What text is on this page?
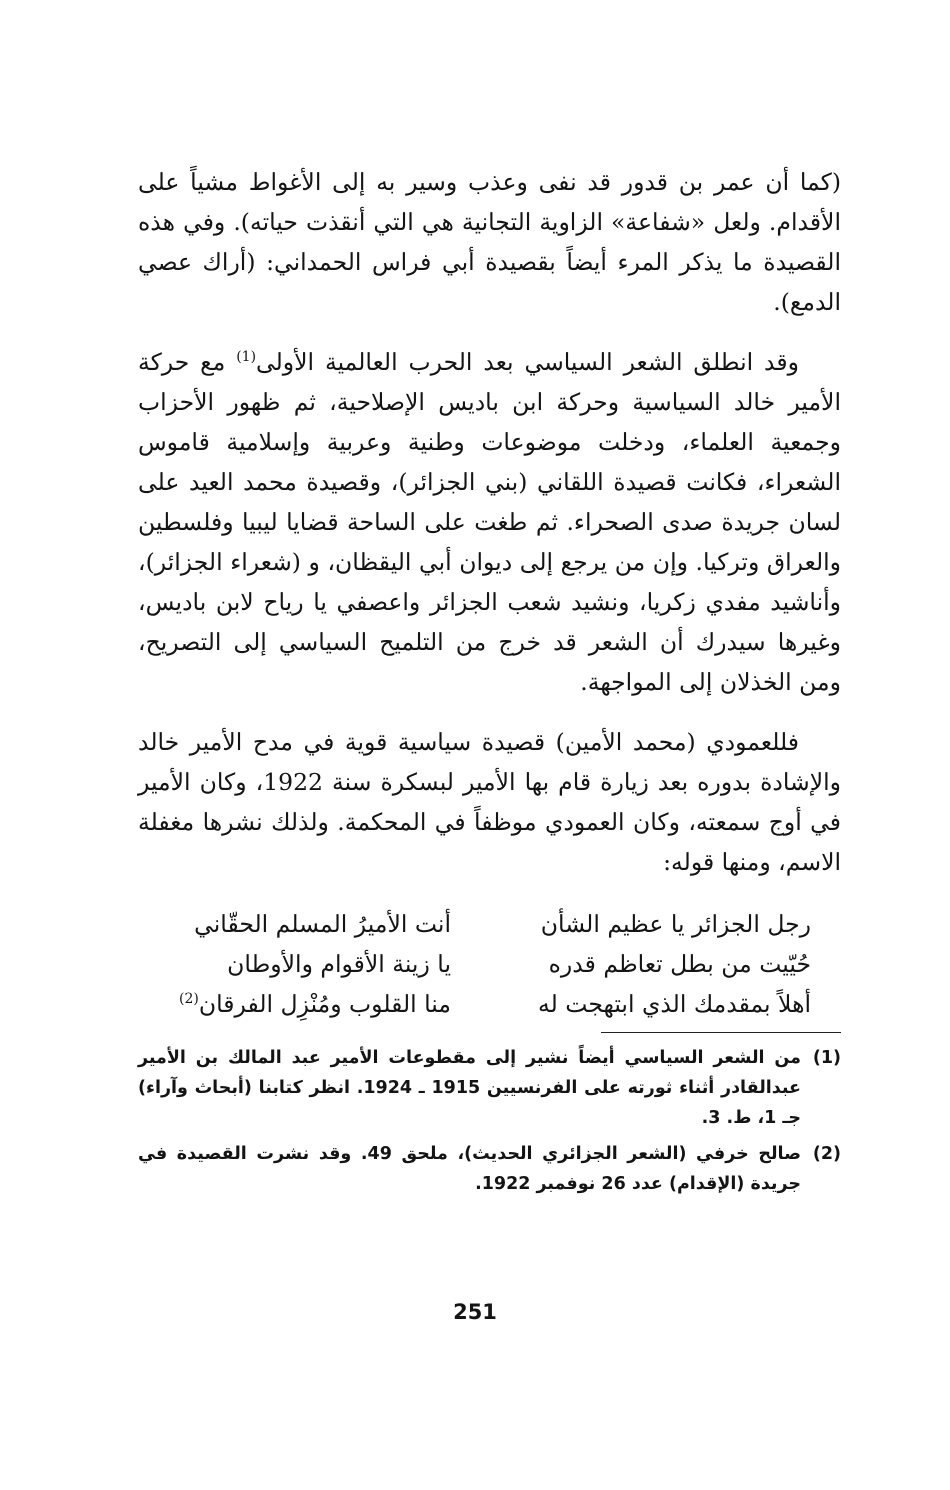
(كما أن عمر بن قدور قد نفى وعذب وسير به إلى الأغواط مشياً على الأقدام. ولعل «شفاعة» الزاوية التجانية هي التي أنقذت حياته). وفي هذه القصيدة ما يذكر المرء أيضاً بقصيدة أبي فراس الحمداني: (أراك عصي الدمع).

وقد انطلق الشعر السياسي بعد الحرب العالمية الأولى$^{(1)}$ مع حركة الأمير خالد السياسية وحركة ابن باديس الإصلاحية، ثم ظهور الأحزاب وجمعية العلماء، ودخلت موضوعات وطنية وعربية وإسلامية قاموس الشعراء، فكانت قصيدة اللقاني (بني الجزائر)، وقصيدة محمد العيد على لسان جريدة صدى الصحراء. ثم طغت على الساحة قضايا ليبيا وفلسطين والعراق وتركيا. وإن من يرجع إلى ديوان أبي اليقظان، و (شعراء الجزائر)، وأناشيد مفدي زكريا، ونشيد شعب الجزائر واعصفي يا رياح لابن باديس، وغيرها سيدرك أن الشعر قد خرج من التلميح السياسي إلى التصريح، ومن الخذلان إلى المواجهة.

فللعمودي (محمد الأمين) قصيدة سياسية قوية في مدح الأمير خالد والإشادة بدوره بعد زيارة قام بها الأمير لبسكرة سنة 1922، وكان الأمير في أوج سمعته، وكان العمودي موظفاً في المحكمة. ولذلك نشرها مغفلة الاسم، ومنها قوله:

رجل الجزائر يا عظيم الشأن
أنت الأميرُ المسلم الحقّاني
حُيّيت من بطل تعاظم قدره
يا زينة الأقوام والأوطان
أهلاً بمقدمك الذي ابتهجت له
منا القلوب ومُنْزِل الفرقان$^{(2)}$
(1)
من الشعر السياسي أيضاً نشير إلى مقطوعات الأمير عبد المالك بن الأمير عبدالقادر أثناء ثورته على الفرنسيين 1915 ـ 1924. انظر كتابنا (أبحاث وآراء) جـ 1، ط. 3.
(2)
صالح خرفي (الشعر الجزائري الحديث)، ملحق 49. وقد نشرت القصيدة في جريدة (الإقدام) عدد 26 نوفمبر 1922.
251
